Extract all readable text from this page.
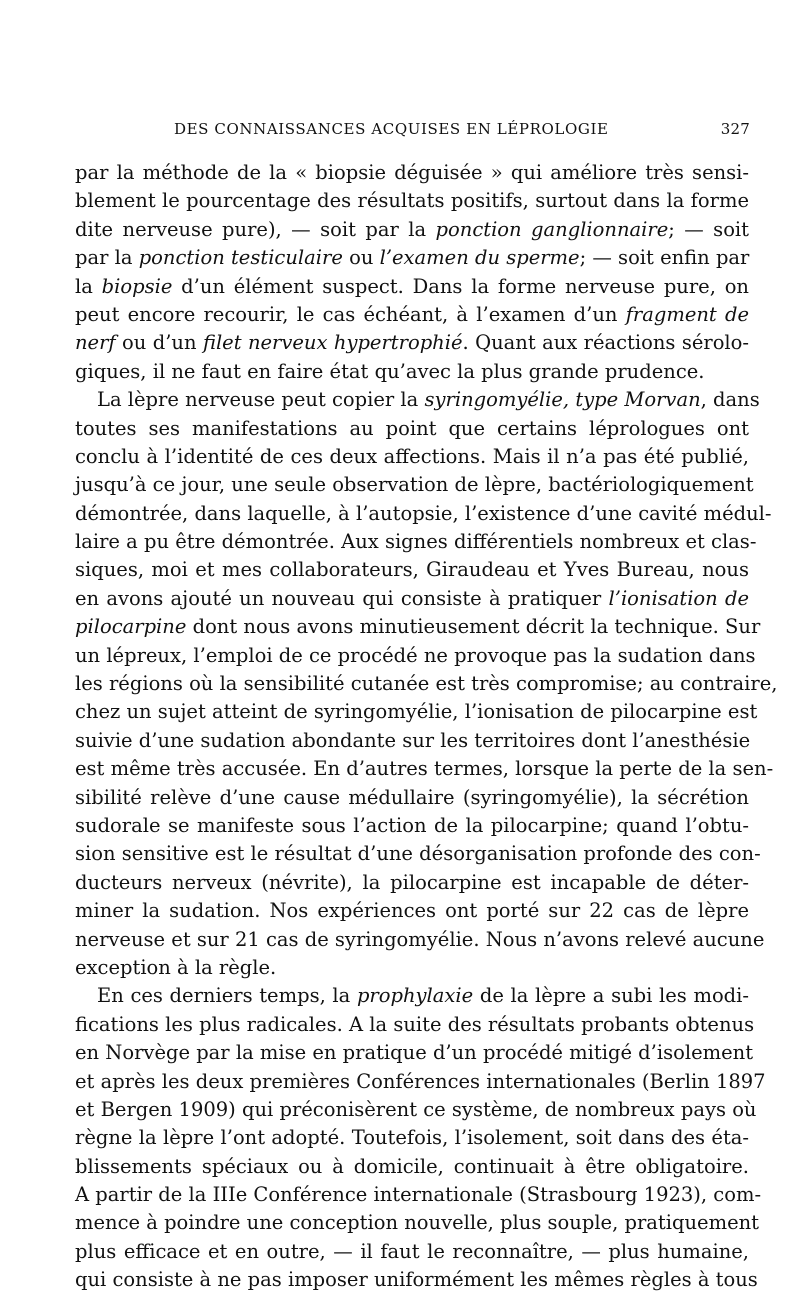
DES CONNAISSANCES ACQUISES EN LÉPROLOGIE	327
par la méthode de la « biopsie déguisée » qui améliore très sensi-
blement le pourcentage des résultats positifs, surtout dans la forme
dite nerveuse pure), — soit par la ponction ganglionnaire; — soit
par la ponction testiculaire ou l’examen du sperme; — soit enfin par
la biopsie d’un élément suspect. Dans la forme nerveuse pure, on
peut encore recourir, le cas échéant, à l’examen d’un fragment de
nerf ou d’un filet nerveux hypertrophié. Quant aux réactions sérolo-
giques, il ne faut en faire état qu’avec la plus grande prudence.
La lèpre nerveuse peut copier la syringomyélie, type Morvan, dans
toutes ses manifestations au point que certains léprologues ont
conclu à l’identité de ces deux affections. Mais il n’a pas été publié,
jusqu’à ce jour, une seule observation de lèpre, bactériologiquement
démontrée, dans laquelle, à l’autopsie, l’existence d’une cavité médul-
laire a pu être démontrée. Aux signes différentiels nombreux et clas-
siques, moi et mes collaborateurs, Giraudeau et Yves Bureau, nous
en avons ajouté un nouveau qui consiste à pratiquer l’ionisation de
pilocarpine dont nous avons minutieusement décrit la technique. Sur
un lépreux, l’emploi de ce procédé ne provoque pas la sudation dans
les régions où la sensibilité cutanée est très compromise; au contraire,
chez un sujet atteint de syringomyélie, l’ionisation de pilocarpine est
suivie d’une sudation abondante sur les territoires dont l’anesthésie
est même très accusée. En d’autres termes, lorsque la perte de la sen-
sibilité relève d’une cause médullaire (syringomyélie), la sécrétion
sudorale se manifeste sous l’action de la pilocarpine; quand l’obtu-
sion sensitive est le résultat d’une désorganisation profonde des con-
ducteurs nerveux (névrite), la pilocarpine est incapable de déter-
miner la sudation. Nos expériences ont porté sur 22 cas de lèpre
nerveuse et sur 21 cas de syringomyélie. Nous n’avons relevé aucune
exception à la règle.
En ces derniers temps, la prophylaxie de la lèpre a subi les modi-
fications les plus radicales. A la suite des résultats probants obtenus
en Norvège par la mise en pratique d’un procédé mitigé d’isolement
et après les deux premières Conférences internationales (Berlin 1897
et Bergen 1909) qui préconisèrent ce système, de nombreux pays où
règne la lèpre l’ont adopté. Toutefois, l’isolement, soit dans des éta-
blissements spéciaux ou à domicile, continuait à être obligatoire.
A partir de la IIIe Conférence internationale (Strasbourg 1923), com-
mence à poindre une conception nouvelle, plus souple, pratiquement
plus efficace et en outre, — il faut le reconnaître, — plus humaine,
qui consiste à ne pas imposer uniformément les mêmes règles à tous
